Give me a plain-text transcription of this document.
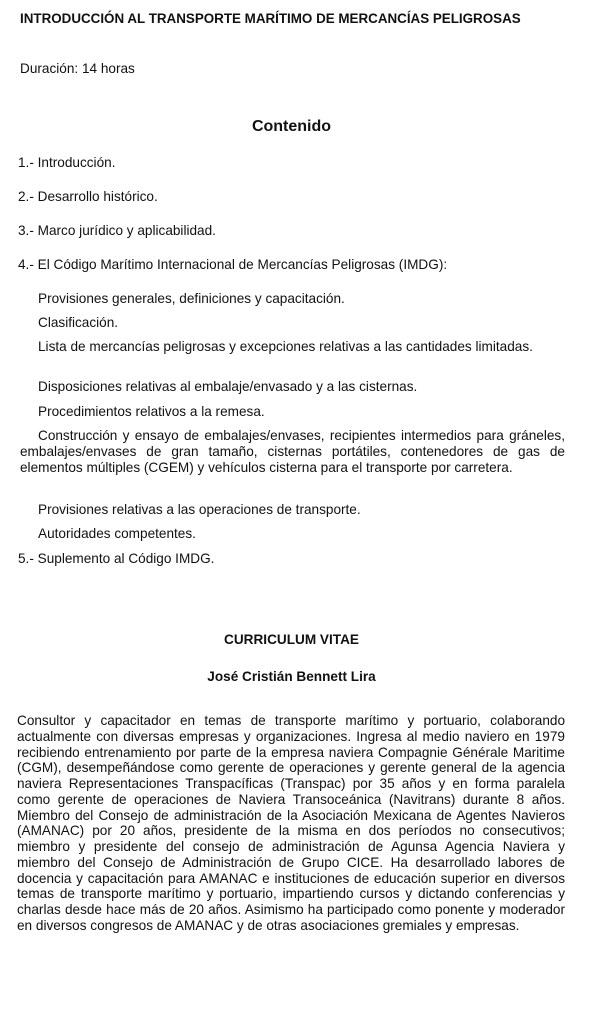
INTRODUCCIÓN AL TRANSPORTE MARÍTIMO DE MERCANCÍAS PELIGROSAS
Duración: 14 horas
Contenido
1.- Introducción.
2.- Desarrollo histórico.
3.- Marco jurídico y aplicabilidad.
4.- El Código Marítimo Internacional de Mercancías Peligrosas (IMDG):
Provisiones generales, definiciones y capacitación.
Clasificación.
Lista de mercancías peligrosas y excepciones relativas a las cantidades limitadas.
Disposiciones relativas al embalaje/envasado y a las cisternas.
Procedimientos relativos a la remesa.
Construcción y ensayo de embalajes/envases, recipientes intermedios para gráneles, embalajes/envases de gran tamaño, cisternas portátiles, contenedores de gas de elementos múltiples (CGEM) y vehículos cisterna para el transporte por carretera.
Provisiones relativas a las operaciones de transporte.
Autoridades competentes.
5.- Suplemento al Código IMDG.
CURRICULUM VITAE
José Cristián Bennett Lira
Consultor y capacitador en temas de transporte marítimo y portuario, colaborando actualmente con diversas empresas y organizaciones. Ingresa al medio naviero en 1979 recibiendo entrenamiento por parte de la empresa naviera Compagnie Générale Maritime (CGM), desempeñándose como gerente de operaciones y gerente general de la agencia naviera Representaciones Transpacíficas (Transpac) por 35 años y en forma paralela como gerente de operaciones de Naviera Transoceánica (Navitrans) durante 8 años. Miembro del Consejo de administración de la Asociación Mexicana de Agentes Navieros (AMANAC) por 20 años, presidente de la misma en dos períodos no consecutivos; miembro y presidente del consejo de administración de Agunsa Agencia Naviera y miembro del Consejo de Administración de Grupo CICE. Ha desarrollado labores de docencia y capacitación para AMANAC e instituciones de educación superior en diversos temas de transporte marítimo y portuario, impartiendo cursos y dictando conferencias y charlas desde hace más de 20 años. Asimismo ha participado como ponente y moderador en diversos congresos de AMANAC y de otras asociaciones gremiales y empresas.
